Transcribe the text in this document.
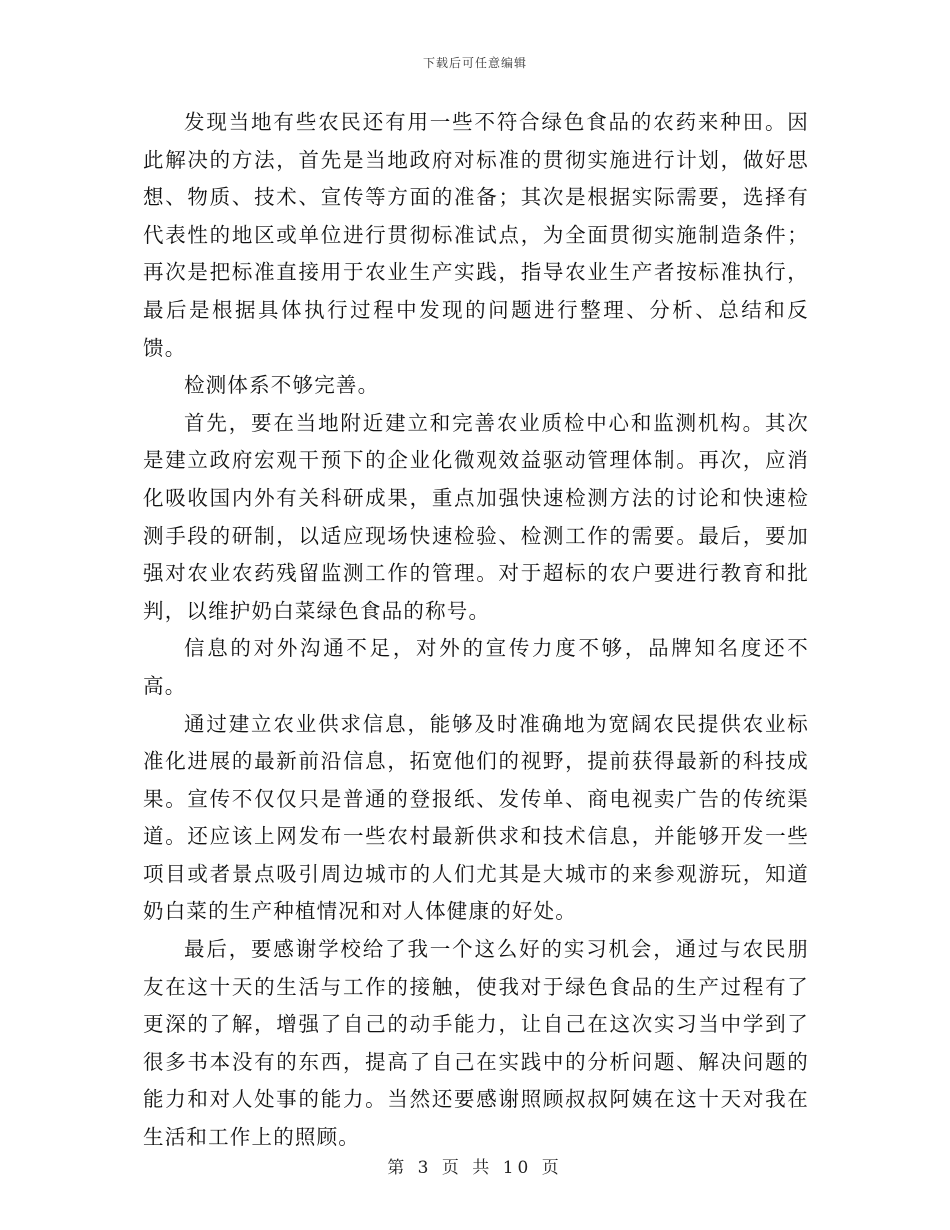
下载后可任意编辑

发现当地有些农民还有用一些不符合绿色食品的农药来种田。因此解决的方法，首先是当地政府对标准的贯彻实施进行计划，做好思想、物质、技术、宣传等方面的准备；其次是根据实际需要，选择有代表性的地区或单位进行贯彻标准试点，为全面贯彻实施制造条件；再次是把标准直接用于农业生产实践，指导农业生产者按标准执行，最后是根据具体执行过程中发现的问题进行整理、分析、总结和反馈。

检测体系不够完善。

首先，要在当地附近建立和完善农业质检中心和监测机构。其次是建立政府宏观干预下的企业化微观效益驱动管理体制。再次，应消化吸收国内外有关科研成果，重点加强快速检测方法的讨论和快速检测手段的研制，以适应现场快速检验、检测工作的需要。最后，要加强对农业农药残留监测工作的管理。对于超标的农户要进行教育和批判，以维护奶白菜绿色食品的称号。

信息的对外沟通不足，对外的宣传力度不够，品牌知名度还不高。

通过建立农业供求信息，能够及时准确地为宽阔农民提供农业标准化进展的最新前沿信息，拓宽他们的视野，提前获得最新的科技成果。宣传不仅仅只是普通的登报纸、发传单、商电视卖广告的传统渠道。还应该上网发布一些农村最新供求和技术信息，并能够开发一些项目或者景点吸引周边城市的人们尤其是大城市的来参观游玩，知道奶白菜的生产种植情况和对人体健康的好处。

最后，要感谢学校给了我一个这么好的实习机会，通过与农民朋友在这十天的生活与工作的接触，使我对于绿色食品的生产过程有了更深的了解，增强了自己的动手能力，让自己在这次实习当中学到了很多书本没有的东西，提高了自己在实践中的分析问题、解决问题的能力和对人处事的能力。当然还要感谢照顾叔叔阿姨在这十天对我在生活和工作上的照顾。

第 3 页 共 10 页
